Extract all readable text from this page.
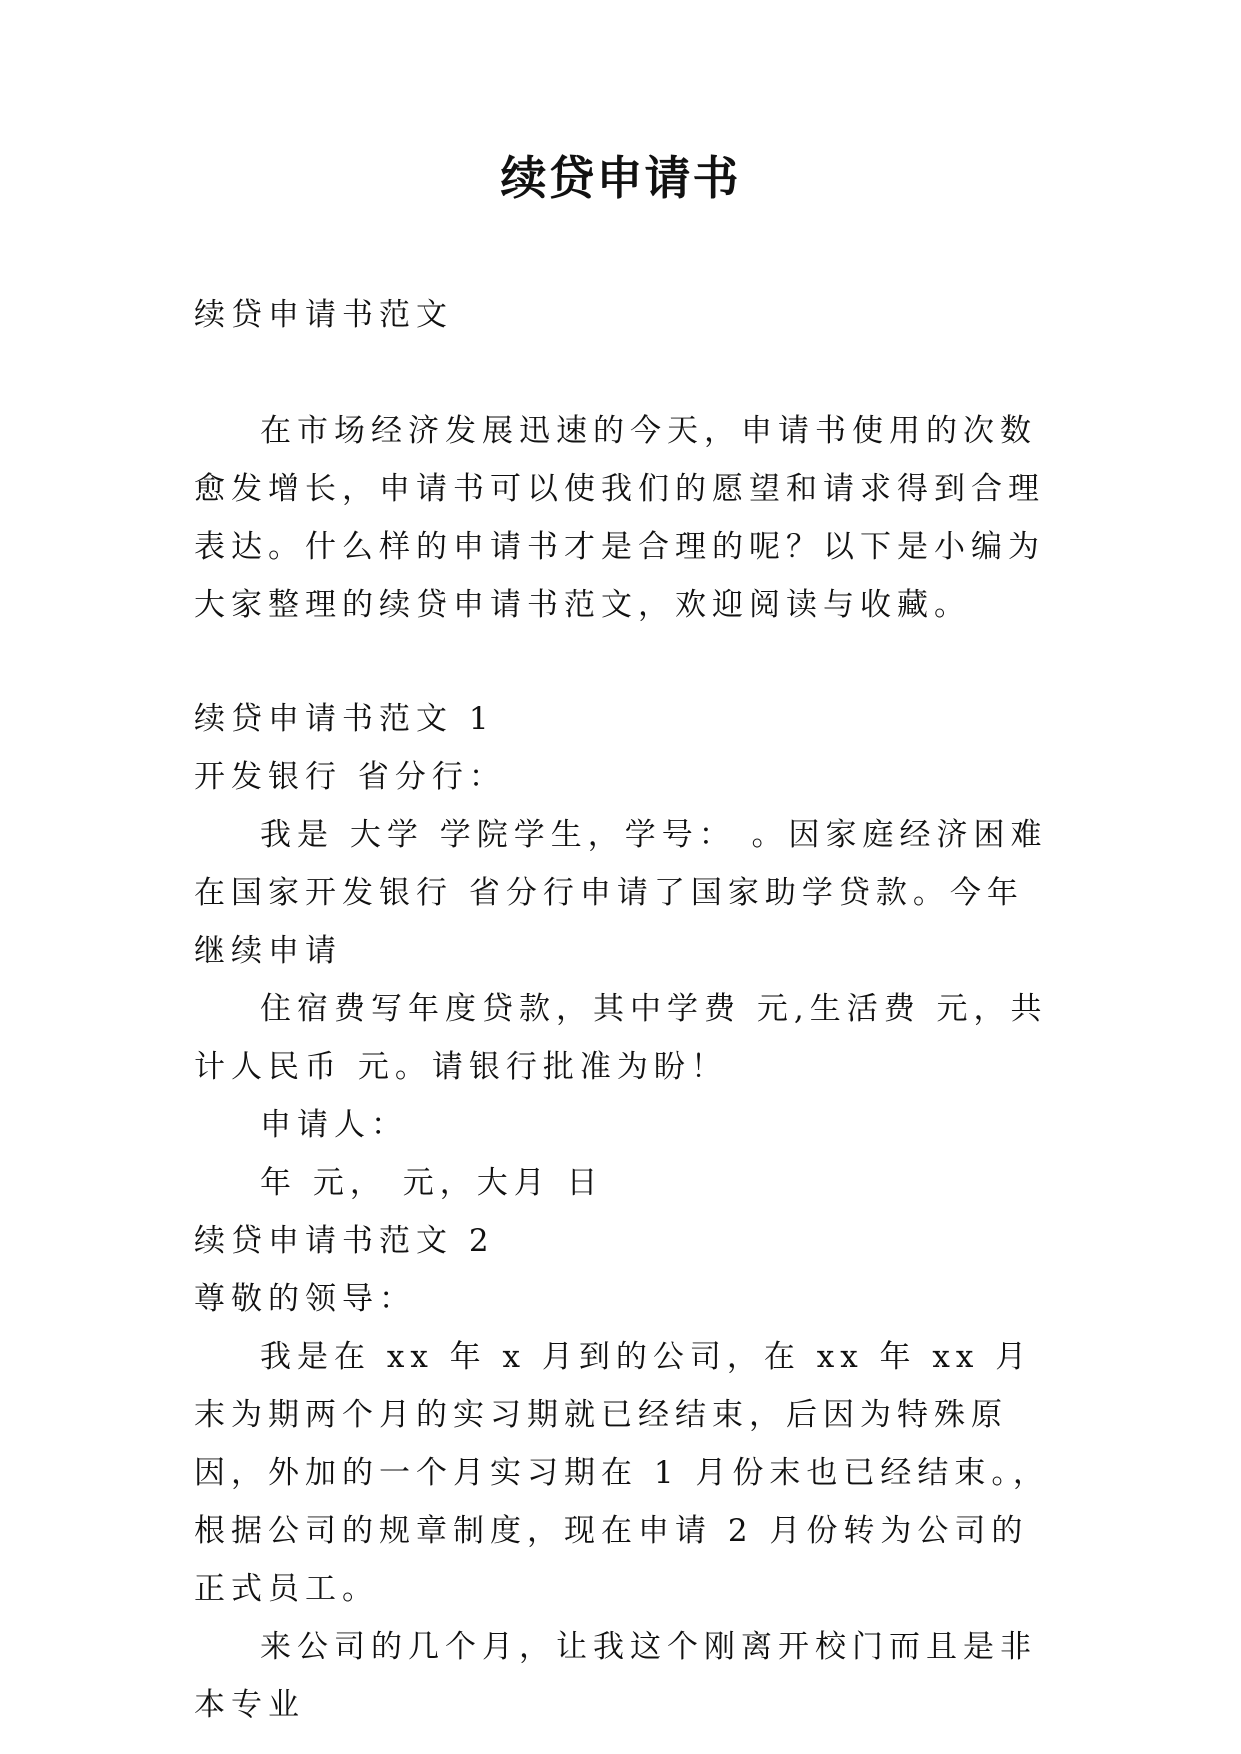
续贷申请书

续贷申请书范文

在市场经济发展迅速的今天，申请书使用的次数愈发增长，申请书可以使我们的愿望和请求得到合理表达。什么样的申请书才是合理的呢？以下是小编为大家整理的续贷申请书范文，欢迎阅读与收藏。

续贷申请书范文 1

开发银行 省分行：

我是 大学 学院学生，学号： 。因家庭经济困难在国家开发银行 省分行申请了国家助学贷款。今年继续申请

住宿费写年度贷款，其中学费 元,生活费 元，共计人民币 元。请银行批准为盼！

申请人：

年 元， 元，大月 日

续贷申请书范文 2

尊敬的领导：

我是在 xx 年 x 月到的公司，在 xx 年 xx 月末为期两个月的实习期就已经结束，后因为特殊原因，外加的一个月实习期在 1 月份末也已经结束。，根据公司的规章制度，现在申请 2 月份转为公司的正式员工。

来公司的几个月，让我这个刚离开校门而且是非本专业
